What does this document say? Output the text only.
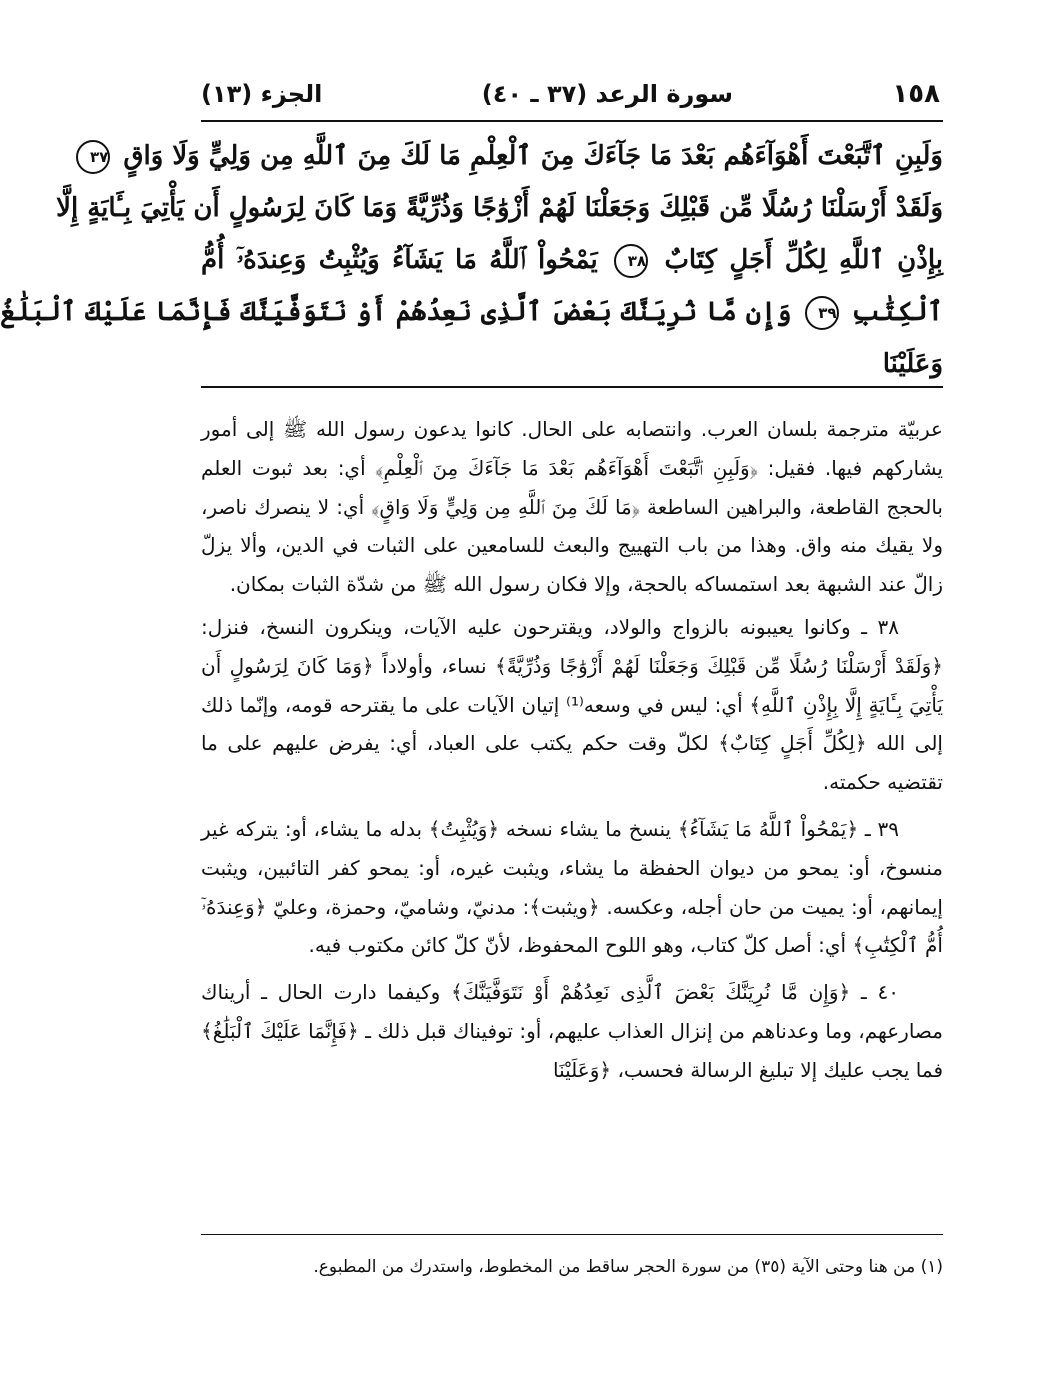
١٥٨
سورة الرعد (٣٧ ـ ٤٠)
الجزء (١٣)
وَلَبِنِ ٱتَّبَعْتَ أَهْوَآءَهُم بَعْدَ مَا جَآءَكَ مِنَ ٱلْعِلْمِ مَا لَكَ مِنَ ٱللَّهِ مِن وَلِيٍّ وَلَا وَاقٍ ٣٧
وَلَقَدْ أَرْسَلْنَا رُسُلًا مِّن قَبْلِكَ وَجَعَلْنَا لَهُمْ أَزْوَٰجًا وَذُرِّيَّةً وَمَا كَانَ لِرَسُولٍ أَن يَأْتِيَ بِـَٔايَةٍ إِلَّا
بِإِذْنِ ٱللَّهِ لِكُلِّ أَجَلٍ كِتَابٌ ٣٨ يَمْحُواْ ٱللَّهُ مَا يَشَآءُ وَيُثْبِتُ وَعِندَهُۥٓ أُمُّ
ٱلْكِتَٰبِ ٣٩ وَإِن مَّا نُرِيَنَّكَ بَعْضَ ٱلَّذِى نَعِدُهُمْ أَوْ نَتَوَفَّيَنَّكَ فَإِنَّمَا عَلَيْكَ ٱلْبَلَٰغُ
وَعَلَيْنَا

عربيّة مترجمة بلسان العرب. وانتصابه على الحال. كانوا يدعون رسول الله ﷺ إلى أمور يشاركهم فيها. فقيل: ﴿وَلَبِنِ ٱتَّبَعْتَ أَهْوَآءَهُم بَعْدَ مَا جَآءَكَ مِنَ ٱلْعِلْمِ﴾ أي: بعد ثبوت العلم بالحجج القاطعة، والبراهين الساطعة ﴿مَا لَكَ مِنَ ٱللَّهِ مِن وَلِيٍّ وَلَا وَاقٍ﴾ أي: لا ينصرك ناصر، ولا يقيك منه واق. وهذا من باب التهييج والبعث للسامعين على الثبات في الدين، وألا يزلّ زالّ عند الشبهة بعد استمساكه بالحجة، وإلا فكان رسول الله ﷺ من شدّة الثبات بمكان.

٣٨ ـ وكانوا يعيبونه بالزواج والولاد، ويقترحون عليه الآيات، وينكرون النسخ، فنزل: ﴿وَلَقَدْ أَرْسَلْنَا رُسُلًا مِّن قَبْلِكَ وَجَعَلْنَا لَهُمْ أَزْوَٰجًا وَذُرِّيَّةً﴾ نساء، وأولاداً ﴿وَمَا كَانَ لِرَسُولٍ أَن يَأْتِيَ بِـَٔايَةٍ إِلَّا بِإِذْنِ ٱللَّهِ﴾ أي: ليس في وسعه⁽¹⁾ إتيان الآيات على ما يقترحه قومه، وإنّما ذلك إلى الله ﴿لِكُلِّ أَجَلٍ كِتَابٌ﴾ لكلّ وقت حكم يكتب على العباد، أي: يفرض عليهم على ما تقتضيه حكمته.

٣٩ ـ ﴿يَمْحُواْ ٱللَّهُ مَا يَشَآءُ﴾ ينسخ ما يشاء نسخه ﴿وَيُثْبِتُ﴾ بدله ما يشاء، أو: يتركه غير منسوخ، أو: يمحو من ديوان الحفظة ما يشاء، ويثبت غيره، أو: يمحو كفر التائبين، ويثبت إيمانهم، أو: يميت من حان أجله، وعكسه. ﴿ويثبت﴾: مدنيّ، وشاميّ، وحمزة، وعليّ ﴿وَعِندَهُۥٓ أُمُّ ٱلْكِتَٰبِ﴾ أي: أصل كلّ كتاب، وهو اللوح المحفوظ، لأنّ كلّ كائن مكتوب فيه.

٤٠ ـ ﴿وَإِن مَّا نُرِيَنَّكَ بَعْضَ ٱلَّذِى نَعِدُهُمْ أَوْ نَتَوَفَّيَنَّكَ﴾ وكيفما دارت الحال ـ أريناك مصارعهم، وما وعدناهم من إنزال العذاب عليهم، أو: توفيناك قبل ذلك ـ ﴿فَإِنَّمَا عَلَيْكَ ٱلْبَلَٰغُ﴾ فما يجب عليك إلا تبليغ الرسالة فحسب، ﴿وَعَلَيْنَا

(١) من هنا وحتى الآية (٣٥) من سورة الحجر ساقط من المخطوط، واستدرك من المطبوع.
